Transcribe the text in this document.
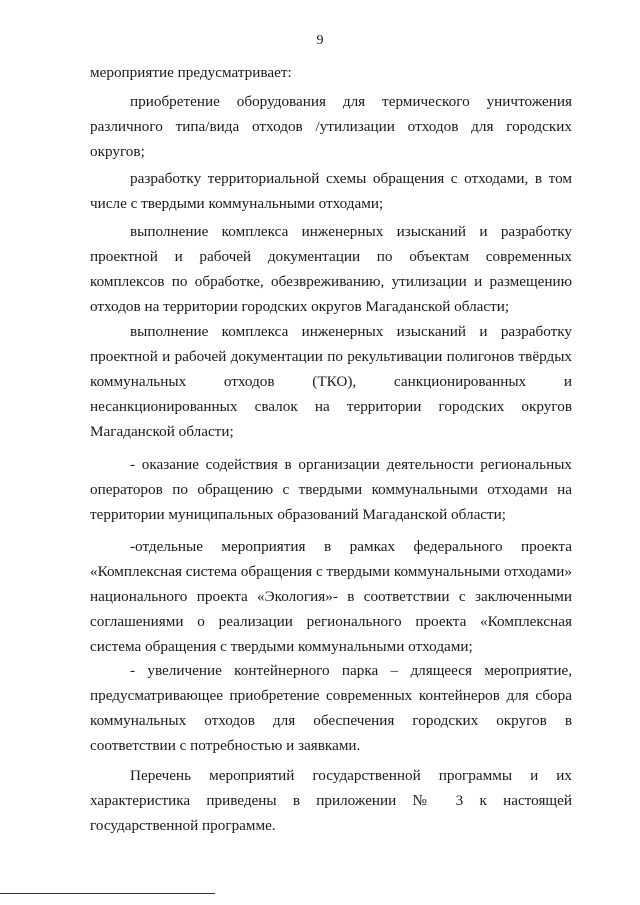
9
мероприятие предусматривает:
приобретение оборудования для термического уничтожения различного типа/вида отходов /утилизации отходов для городских округов;
разработку территориальной схемы обращения с отходами, в том числе с твердыми коммунальными отходами;
выполнение комплекса инженерных изысканий и разработку проектной и рабочей документации по объектам современных комплексов по обработке, обезвреживанию, утилизации и размещению отходов на территории городских округов Магаданской области;
выполнение комплекса инженерных изысканий и разработку проектной и рабочей документации по рекультивации полигонов твёрдых коммунальных отходов (ТКО), санкционированных и несанкционированных свалок на территории городских округов Магаданской области;
- оказание содействия в организации деятельности региональных операторов по обращению с твердыми коммунальными отходами на территории муниципальных образований Магаданской области;
-отдельные мероприятия в рамках федерального проекта «Комплексная система обращения с твердыми коммунальными отходами» национального проекта «Экология»- в соответствии с заключенными соглашениями о реализации регионального проекта «Комплексная система обращения с твердыми коммунальными отходами;
- увеличение контейнерного парка – длящееся мероприятие, предусматривающее приобретение современных контейнеров для сбора коммунальных отходов для обеспечения городских округов в соответствии с потребностью и заявками.
Перечень мероприятий государственной программы и их характеристика приведены в приложении № 3 к настоящей государственной программе.
